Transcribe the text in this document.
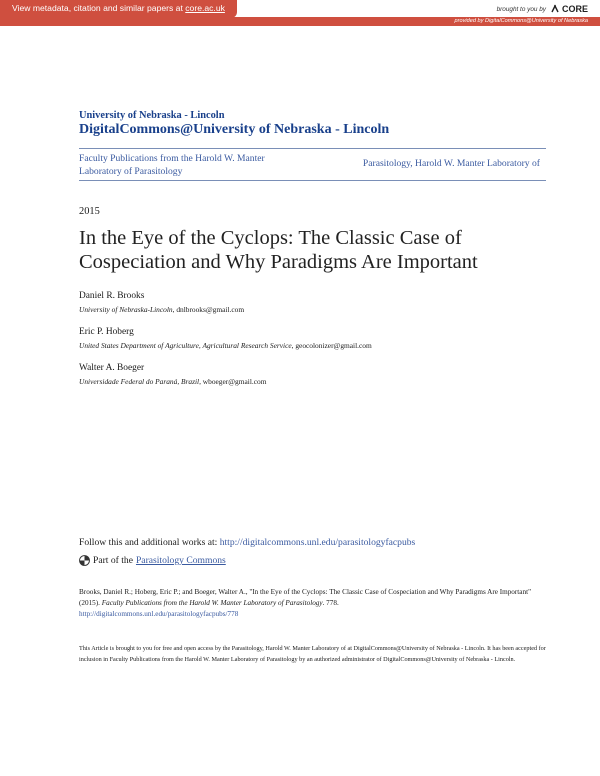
View metadata, citation and similar papers at core.ac.uk	brought to you by CORE
provided by DigitalCommons@University of Nebraska
University of Nebraska - Lincoln
DigitalCommons@University of Nebraska - Lincoln
Faculty Publications from the Harold W. Manter Laboratory of Parasitology
Parasitology, Harold W. Manter Laboratory of
2015
In the Eye of the Cyclops: The Classic Case of Cospeciation and Why Paradigms Are Important
Daniel R. Brooks
University of Nebraska-Lincoln, dnlbrooks@gmail.com
Eric P. Hoberg
United States Department of Agriculture, Agricultural Research Service, geocolonizer@gmail.com
Walter A. Boeger
Universidade Federal do Paraná, Brazil, wboeger@gmail.com
Follow this and additional works at: http://digitalcommons.unl.edu/parasitologyfacpubs
Part of the Parasitology Commons
Brooks, Daniel R.; Hoberg, Eric P.; and Boeger, Walter A., "In the Eye of the Cyclops: The Classic Case of Cospeciation and Why Paradigms Are Important" (2015). Faculty Publications from the Harold W. Manter Laboratory of Parasitology. 778.
http://digitalcommons.unl.edu/parasitologyfacpubs/778
This Article is brought to you for free and open access by the Parasitology, Harold W. Manter Laboratory of at DigitalCommons@University of Nebraska - Lincoln. It has been accepted for inclusion in Faculty Publications from the Harold W. Manter Laboratory of Parasitology by an authorized administrator of DigitalCommons@University of Nebraska - Lincoln.
